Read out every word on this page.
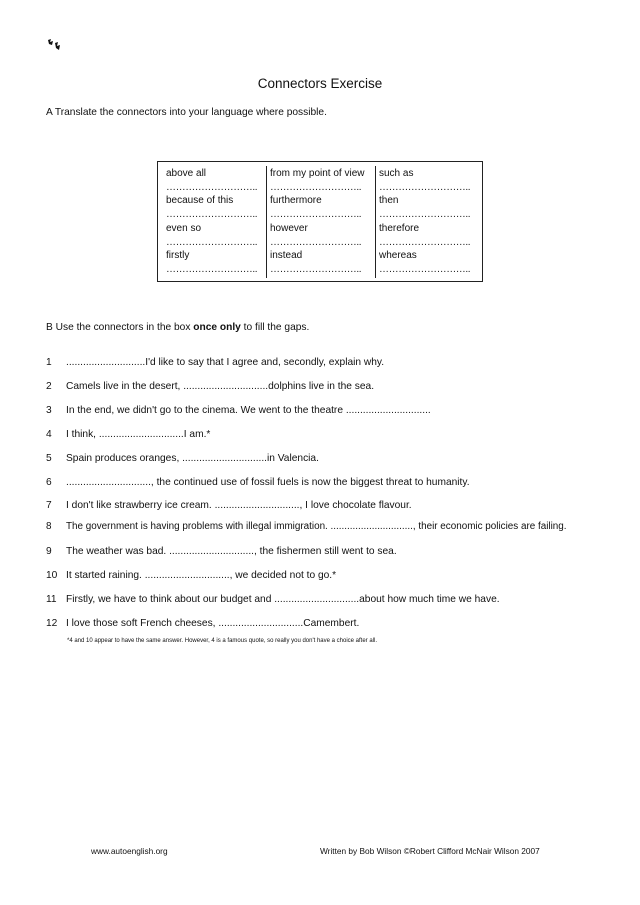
Connectors Exercise
A Translate the connectors into your language where possible.
above all
………………………..
because of this
………………………..
even so
………………………..
firstly
………………………..
from my point of view
………………………..
furthermore
………………………..
however
………………………..
instead
………………………..
such as
………………………..
then
………………………..
therefore
………………………..
whereas
………………………..
B Use the connectors in the box once only to fill the gaps.
1 ............................I'd like to say that I agree and, secondly, explain why.
2 Camels live in the desert, ..............................dolphins live in the sea.
3 In the end, we didn't go to the cinema. We went to the theatre ..............................
4 I think, ..............................I am.*
5 Spain produces oranges, ..............................in Valencia.
6 .............................., the continued use of fossil fuels is now the biggest threat to humanity.
7 I don't like strawberry ice cream. .............................., I love chocolate flavour.
8 The government is having problems with illegal immigration. .............................., their economic policies are failing.
9 The weather was bad. .............................., the fishermen still went to sea.
10 It started raining. .............................., we decided not to go.*
11 Firstly, we have to think about our budget and ..............................about how much time we have.
12 I love those soft French cheeses, ..............................Camembert.
*4 and 10 appear to have the same answer. However, 4 is a famous quote, so really you don't have a choice after all.
www.autoenglish.org	Written by Bob Wilson ©Robert Clifford McNair Wilson 2007
